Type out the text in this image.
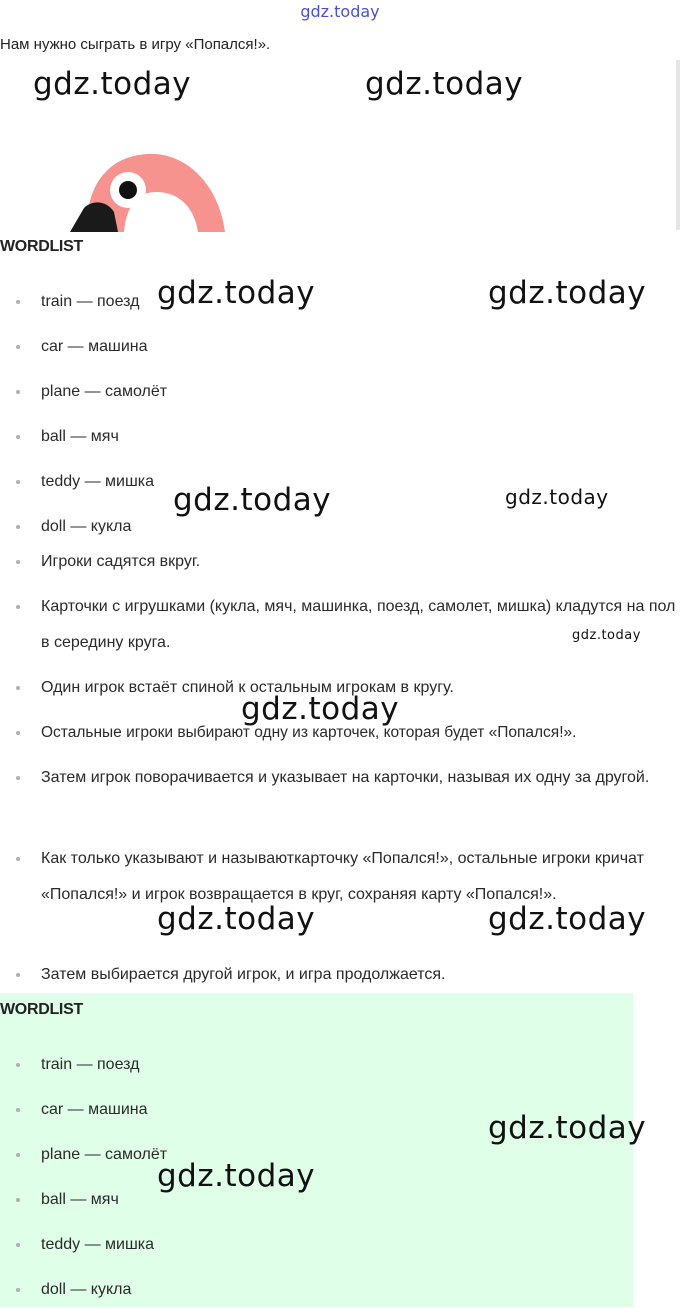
gdz.today
Нам нужно сыграть в игру «Попался!».
WORDLIST
train — поезд
car — машина
plane — самолёт
ball — мяч
teddy — мишка
doll — кукла
Игроки садятся вкруг.
Карточки с игрушками (кукла, мяч, машинка, поезд, самолет, мишка) кладутся на пол в середину круга.
Один игрок встаёт спиной к остальным игрокам в кругу.
Остальные игроки выбирают одну из карточек, которая будет «Попался!».
Затем игрок поворачивается и указывает на карточки, называя их одну за другой.
Как только указывают и называюткарточку «Попался!», остальные игроки кричат «Попался!» и игрок возвращается в круг, сохраняя карту «Попался!».
Затем выбирается другой игрок, и игра продолжается.
WORDLIST
train — поезд
car — машина
plane — самолёт
ball — мяч
teddy — мишка
doll — кукла
gdz.today	gdz.today
gdz.today	gdz.today
gdz.today	gdz.today
gdz.today
gdz.today
gdz.today	gdz.today
gdz.today
gdz.today
